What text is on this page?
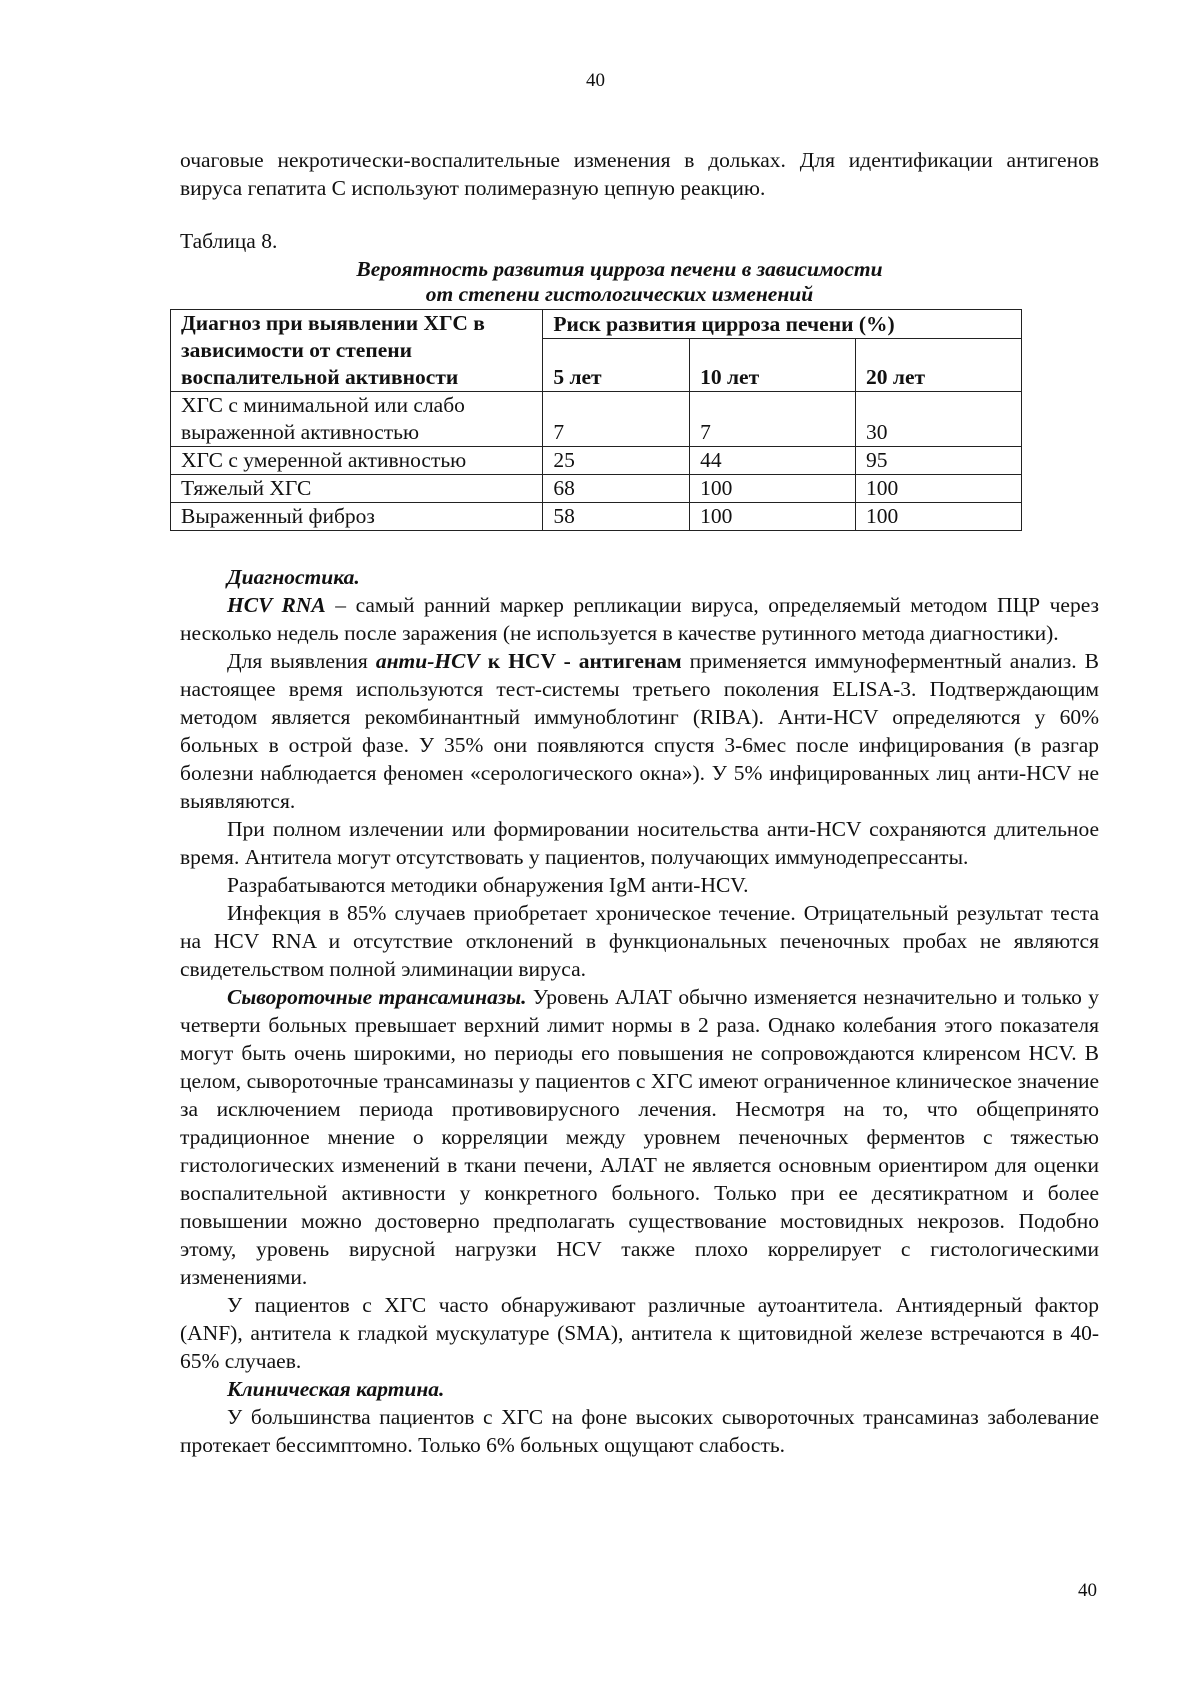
40

очаговые некротически-воспалительные изменения в дольках. Для идентификации антигенов вируса гепатита С используют полимеразную цепную реакцию.

Таблица 8.

Вероятность развития цирроза печени в зависимости

от степени гистологических изменений

Диагноз при выявлении ХГС в зависимости от степени воспалительной активности	Риск развития цирроза печени (%)		
	5 лет	10 лет	20 лет
ХГС с минимальной или слабо выраженной активностью	7	7	30
ХГС с умеренной активностью	25	44	95
Тяжелый ХГС	68	100	100
Выраженный фиброз	58	100	100

Диагностика.

HCV RNA – самый ранний маркер репликации вируса, определяемый методом ПЦР через несколько недель после заражения (не используется в качестве рутинного метода диагностики).

Для выявления анти-HCV к HCV - антигенам применяется иммуноферментный анализ. В настоящее время используются тест-системы третьего поколения ELISA-3. Подтверждающим методом является рекомбинантный иммуноблотинг (RIBA). Анти-HCV определяются у 60% больных в острой фазе. У 35% они появляются спустя 3-6мес после инфицирования (в разгар болезни наблюдается феномен «серологического окна»). У 5% инфицированных лиц анти-HCV не выявляются.

При полном излечении или формировании носительства анти-HCV сохраняются длительное время. Антитела могут отсутствовать у пациентов, получающих иммунодепрессанты.

Разрабатываются методики обнаружения IgM анти-HCV.

Инфекция в 85% случаев приобретает хроническое течение. Отрицательный результат теста на HCV RNA и отсутствие отклонений в функциональных печеночных пробах не являются свидетельством полной элиминации вируса.

Сывороточные трансаминазы. Уровень АЛАТ обычно изменяется незначительно и только у четверти больных превышает верхний лимит нормы в 2 раза. Однако колебания этого показателя могут быть очень широкими, но периоды его повышения не сопровождаются клиренсом HCV. В целом, сывороточные трансаминазы у пациентов с ХГС имеют ограниченное клиническое значение за исключением периода противовирусного лечения. Несмотря на то, что общепринято традиционное мнение о корреляции между уровнем печеночных ферментов с тяжестью гистологических изменений в ткани печени, АЛАТ не является основным ориентиром для оценки воспалительной активности у конкретного больного. Только при ее десятикратном и более повышении можно достоверно предполагать существование мостовидных некрозов. Подобно этому, уровень вирусной нагрузки HCV также плохо коррелирует с гистологическими изменениями.

У пациентов с ХГС часто обнаруживают различные аутоантитела. Антиядерный фактор (ANF), антитела к гладкой мускулатуре (SMA), антитела к щитовидной железе встречаются в 40-65% случаев.

Клиническая картина.

У большинства пациентов с ХГС на фоне высоких сывороточных трансаминаз заболевание протекает бессимптомно. Только 6% больных ощущают слабость.

40
